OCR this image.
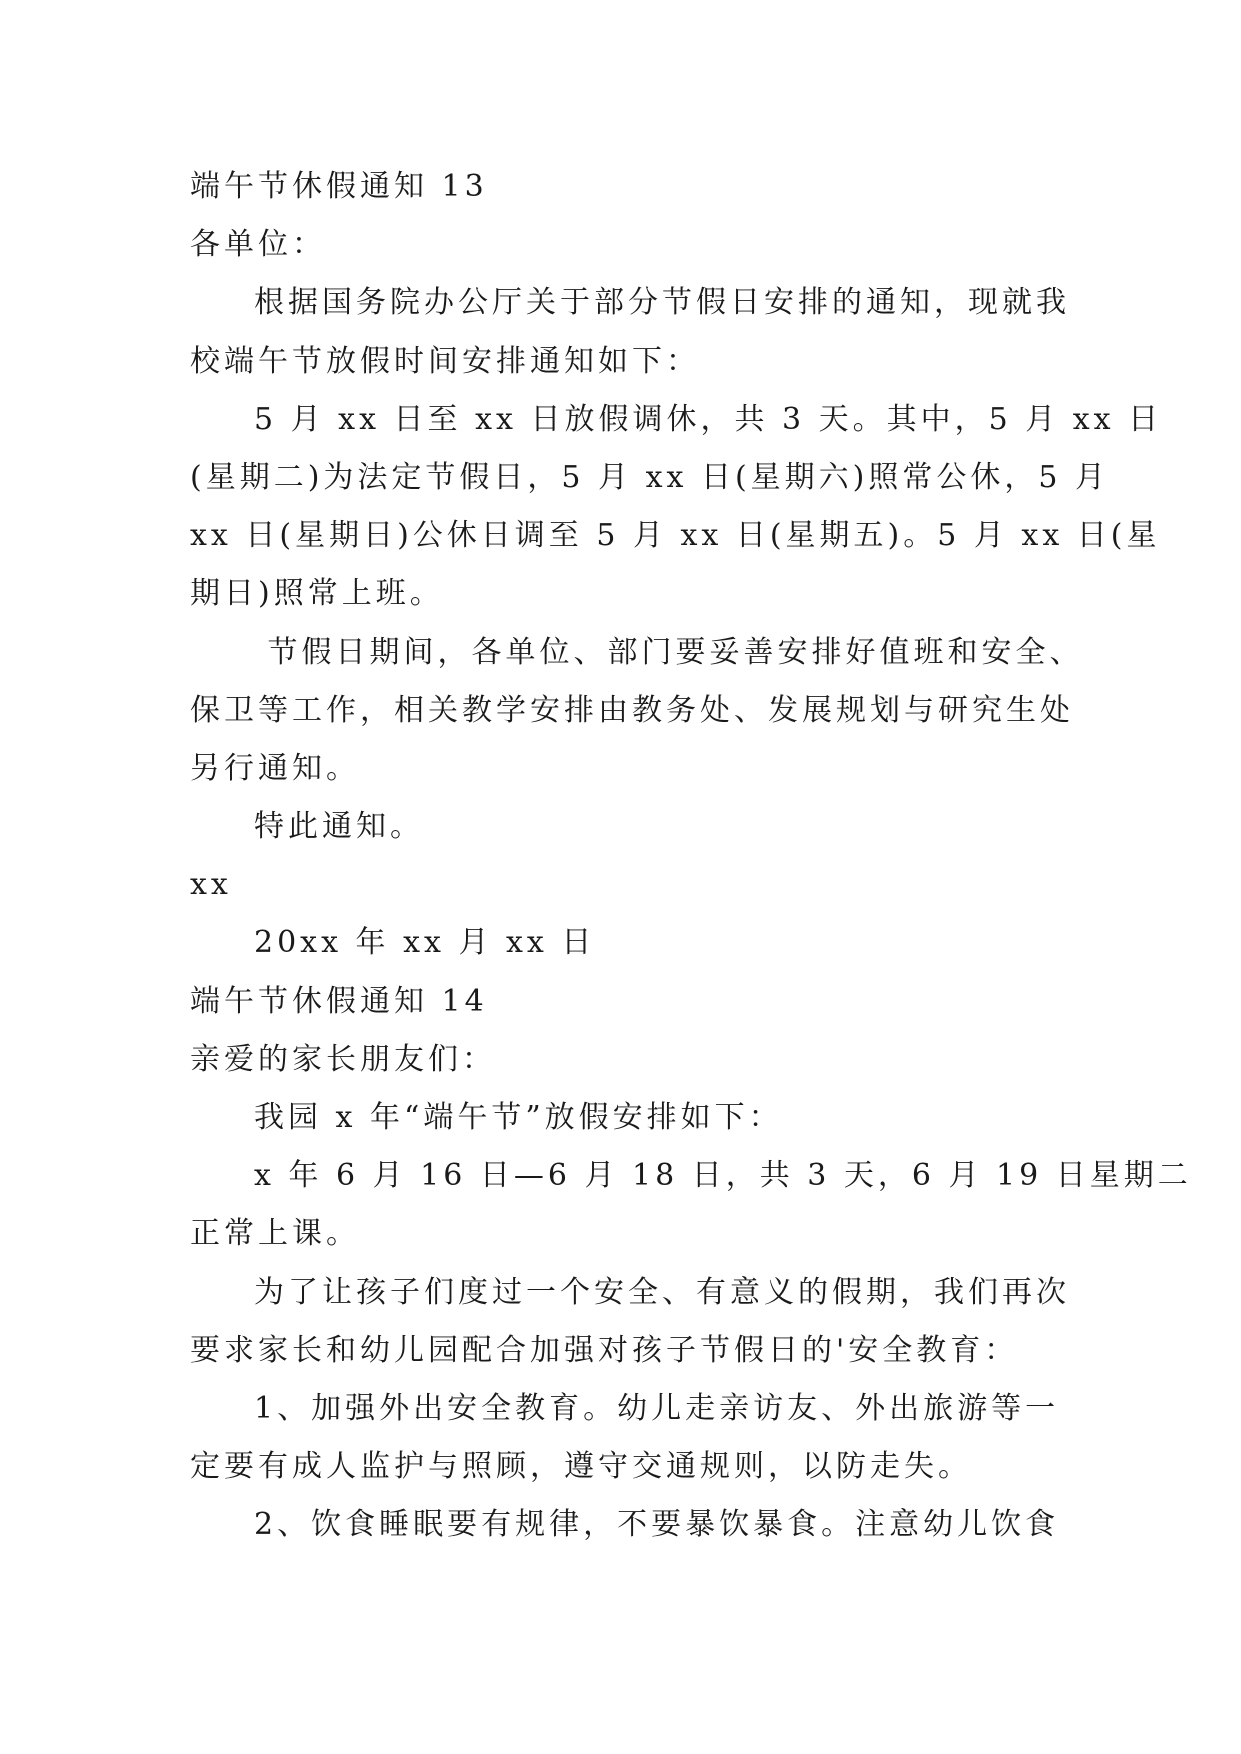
端午节休假通知 13

各单位：

根据国务院办公厅关于部分节假日安排的通知，现就我

校端午节放假时间安排通知如下：

5 月 xx 日至 xx 日放假调休，共 3 天。其中，5 月 xx 日

(星期二)为法定节假日，5 月 xx 日(星期六)照常公休，5 月

xx 日(星期日)公休日调至 5 月 xx 日(星期五)。5 月 xx 日(星

期日)照常上班。

节假日期间，各单位、部门要妥善安排好值班和安全、

保卫等工作，相关教学安排由教务处、发展规划与研究生处

另行通知。

特此通知。

xx

20xx 年 xx 月 xx 日

端午节休假通知 14

亲爱的家长朋友们：

我园 x 年“端午节”放假安排如下：

x 年 6 月 16 日—6 月 18 日，共 3 天，6 月 19 日星期二

正常上课。

为了让孩子们度过一个安全、有意义的假期，我们再次

要求家长和幼儿园配合加强对孩子节假日的'安全教育：

1、加强外出安全教育。幼儿走亲访友、外出旅游等一

定要有成人监护与照顾，遵守交通规则，以防走失。

2、饮食睡眠要有规律，不要暴饮暴食。注意幼儿饮食
